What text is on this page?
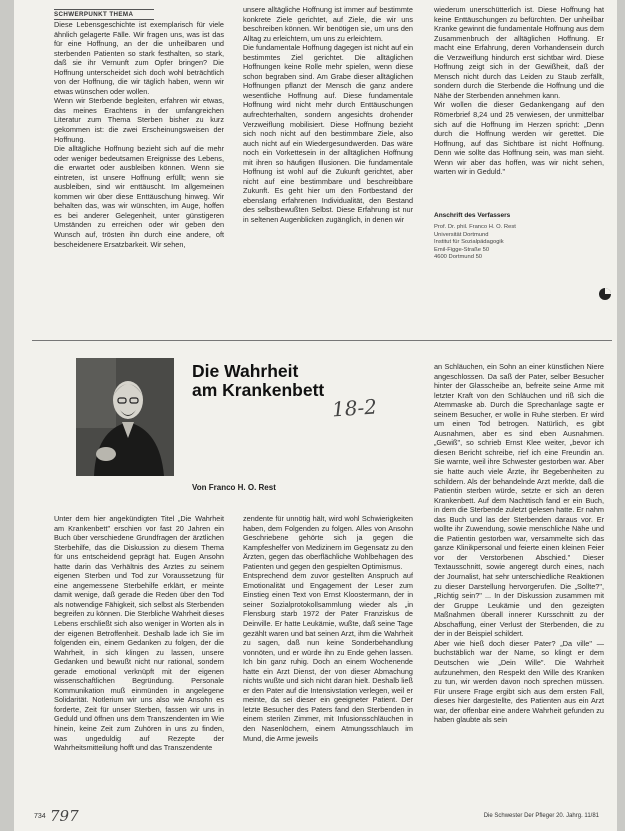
SCHWERPUNKT THEMA

Diese Lebensgeschichte ist exemplarisch für viele ähnlich gelagerte Fälle. Wir fragen uns, was ist das für eine Hoffnung, an der die unheilbaren und sterbenden Patienten so stark festhalten, so stark, daß sie ihr Vernunft zum Opfer bringen? Die Hoffnung unterscheidet sich doch wohl beträchtlich von der Hoffnung, die wir täglich haben, wenn wir etwas wünschen oder wollen.

Wenn wir Sterbende begleiten, erfahren wir etwas, das meines Erachtens in der umfangreichen Literatur zum Thema Sterben bisher zu kurz gekommen ist: die zwei Erscheinungsweisen der Hoffnung.

Die alltägliche Hoffnung bezieht sich auf die mehr oder weniger bedeutsamen Ereignisse des Lebens, die erwartet oder ausbleiben können. Wenn sie eintreten, ist unsere Hoffnung erfüllt; wenn sie ausbleiben, sind wir enttäuscht. Im allgemeinen kommen wir über diese Enttäuschung hinweg. Wir behalten das, was wir wünschten, im Auge, hoffen es bei anderer Gelegenheit, unter günstigeren Umständen zu erreichen oder wir geben den Wunsch auf, trösten ihn durch eine andere, oft bescheidenere Ersatzbarkeit. Wir sehen,

unsere alltägliche Hoffnung ist immer auf bestimmte konkrete Ziele gerichtet, auf Ziele, die wir uns beschreiben können. Wir benötigen sie, um uns den Alltag zu erleichtern, um uns zu erleichtern.

Die fundamentale Hoffnung dagegen ist nicht auf ein bestimmtes Ziel gerichtet. Die alltäglichen Hoffnungen keine Rolle mehr spielen, wenn diese schon begraben sind. Am Grabe dieser alltäglichen Hoffnungen pflanzt der Mensch die ganz andere wesentliche Hoffnung auf. Diese fundamentale Hoffnung wird nicht mehr durch Enttäuschungen aufrechterhalten, sondern angesichts drohender Verzweiflung mobilisiert. Diese Hoffnung bezieht sich noch nicht auf den bestimmbare Ziele, also auch nicht auf ein Wiedergesundwerden. Das wäre noch ein Vorkettesein in der alltäglichen Hoffnung mit ihren so häufigen Illusionen. Die fundamentale Hoffnung ist wohl auf die Zukunft gerichtet, aber nicht auf eine bestimmbare und beschreibbare Zukunft. Es geht hier um den Fortbestand der ebenslang erfahrenen Individualität, den Bestand des selbstbewußten Selbst. Diese Erfahrung ist nur in seltenen Augenblicken zugänglich, in denen wir

wiederum unerschütterlich ist. Diese Hoffnung hat keine Enttäuschungen zu befürchten. Der unheilbar Kranke gewinnt die fundamentale Hoffnung aus dem Zusammenbruch der alltäglichen Hoffnung. Er macht eine Erfahrung, deren Vorhandensein durch die Verzweiflung hindurch erst sichtbar wird. Diese Hoffnung zeigt sich in der Gewißheit, daß der Mensch nicht durch das Leiden zu Staub zerfällt, sondern durch die Sterbende die Hoffnung und die Nähe der Sterbenden annehmen kann.

Wir wollen die dieser Gedankengang auf den Römerbrief 8,24 und 25 verwiesen, der unmittelbar sich auf die Hoffnung im Herzen spricht: „Denn durch die Hoffnung werden wir gerettet. Die Hoffnung, auf das Sichtbare ist nicht Hoffnung. Denn wie sollte das Hoffnung sein, was man sieht. Wenn wir aber das hoffen, was wir nicht sehen, warten wir in Geduld."

Anschrift des Verfassers
Prof. Dr. phil. Franco H. O. Rest
Universität Dortmund
Institut für Sozialpädagogik
Emil-Figge-Straße 50
4600 Dortmund 50
Die Wahrheit
am Krankenbett
18-2
Von Franco H. O. Rest

Unter dem hier angekündigten Titel „Die Wahrheit am Krankenbett" erschien vor fast 20 Jahren ein Buch über verschiedene Grundfragen der ärztlichen Sterbehilfe, das die Diskussion zu diesem Thema für uns entscheidend geprägt hat. Eugen Ansohn hatte darin das Verhältnis des Arztes zu seinem eigenen Sterben und Tod zur Voraussetzung für eine angemessene Sterbehilfe erklärt, er meinte damit wenige, daß gerade die Reden über den Tod als notwendige Fähigkeit, sich selbst als Sterbenden begreifen zu können. Die Sterbliche Wahrheit dieses Lebens erschließt sich also weniger in Worten als in der eigenen Betroffenheit. Deshalb lade ich Sie im folgenden ein, einem Gedanken zu folgen, der die Wahrheit, in sich klingen zu lassen, unsere Gedanken und bewußt nicht nur rational, sondern gerade emotional verknüpft mit der eigenen wissenschaftlichen Begründung. Personale Kommunikation muß einmünden in angelegene Solidarität. Notlerium wir uns also wie Ansohn es forderte, Zeit für unser Sterben, fassen wir uns in Geduld und öffnen uns dem Transzendenten im Wie hinein, keine Zeit zum Zuhören in uns zu finden, was ungeduldig auf Rezepte der Wahrheitsmitteilung hofft und das Transzendente

zendente für unnötig hält, wird wohl Schwierigkeiten haben, dem Folgenden zu folgen. Alles von Ansohn Geschriebene gehörte sich ja gegen die Kampfeshelfer von Medizinern im Gegensatz zu den Ärzten, gegen das oberflächliche Wohlbehagen des Patienten und gegen den gespielten Optimismus.

Entsprechend dem zuvor gestellten Anspruch auf Emotionalität und Engagement der Leser zum Einstieg einen Text von Ernst Kloostermann, der in seiner Sozialprotokollsammlung wieder als „in Flensburg starb 1972 der Pater Franziskus de Deinville. Er hatte Leukämie, wußte, daß seine Tage gezählt waren und bat seinen Arzt, ihm die Wahrheit zu sagen, daß nun keine Sonderbehandlung vonnöten, und er würde ihn zu Ende gehen lassen. Ich bin ganz ruhig. Doch an einem Wochenende hatte ein Arzt Dienst, der von dieser Abmachung nichts wußte und sich nicht daran hielt. Deshalb ließ er den Pater auf die Intensivstation verlegen, weil er meinte, da sei dieser ein geeigneter Patient. Der letzte Besucher des Paters fand den Sterbenden in einem sterilen Zimmer, mit Infusionsschläuchen in den Nasenlöchern, einem Atmungsschlauch im Mund, die Arme jeweils

an Schläuchen, ein Sohn an einer künstlichen Niere angeschlossen. Da saß der Pater, selber Besucher hinter der Glasscheibe an, befreite seine Arme mit letzter Kraft von den Schläuchen und riß sich die Atemmaske ab. Durch die Sprechanlage sagte er seinem Besucher, er wolle in Ruhe sterben. Er wird um einen Tod betrogen. Natürlich, es gibt Ausnahmen, aber es sind eben Ausnahmen. „Gewiß", so schrieb Ernst Klee weiter, „bevor ich diesen Bericht schreibe, rief ich eine Freundin an. Sie warnte, weil ihre Schwester gestorben war. Aber sie hatte auch viele Ärzte, ihr Begebenheiten zu schildern. Als der behandelnde Arzt merkte, daß die Patientin sterben würde, setzte er sich an deren Krankenbett. Auf dem Nachttisch fand er ein Buch, in dem die Sterbende zuletzt gelesen hatte. Er nahm das Buch und las der Sterbenden daraus vor. Er wollte ihr Zuwendung, sowie menschliche Nähe und die Patientin gestorben war, versammelte sich das ganze Klinikpersonal und feierte einen kleinen Feier vor der Verstorbenen Abschied." Dieser Textausschnitt, sowie angeregt durch eines, nach der Journalist, hat sehr unterschiedliche Reaktionen zu dieser Darstellung hervorgerufen. Die „Sollte?", „Richtig sein?" ... In der Diskussion zusammen mit der Gruppe Leukämie und den gezeigten Maßnahmen überall innerer Kursschnitt zu der Abschaffung, einer Verlust der Sterbenden, die zu der in der Beispiel schildert.

Aber wie hieß doch dieser Pater? „Da ville" — buchstäblich war der Name, so klingt er dem Deutschen wie „Dein Wille". Die Wahrheit aufzunehmen, den Respekt den Wille des Kranken zu tun, wir werden davon noch sprechen müssen. Für unsere Frage ergibt sich aus dem ersten Fall, dieses hier dargestellte, des Patienten aus ein Arzt war, der offenbar eine andere Wahrheit gefunden zu haben glaubte als sein

734 797	Die Schwester Der Pfleger 20. Jahrg. 11/81
